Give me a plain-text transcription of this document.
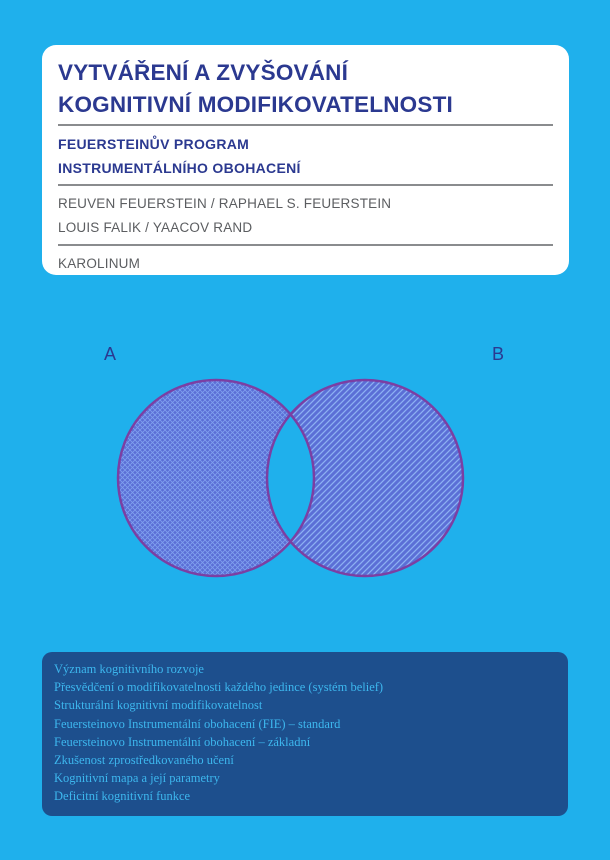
VYTVÁŘENÍ A ZVYŠOVÁNÍ
KOGNITIVNÍ MODIFIKOVATELNOSTI
FEUERSTEINŮV PROGRAM
INSTRUMENTÁLNÍHO OBOHACENÍ
REUVEN FEUERSTEIN / RAPHAEL S. FEUERSTEIN
LOUIS FALIK / YAACOV RAND
KAROLINUM
A	B
Význam kognitivního rozvoje
Přesvědčení o modifikovatelnosti každého jedince (systém belief)
Strukturální kognitivní modifikovatelnost
Feuersteinovo Instrumentální obohacení (FIE) – standard
Feuersteinovo Instrumentální obohacení – základní
Zkušenost zprostředkovaného učení
Kognitivní mapa a její parametry
Deficitní kognitivní funkce
